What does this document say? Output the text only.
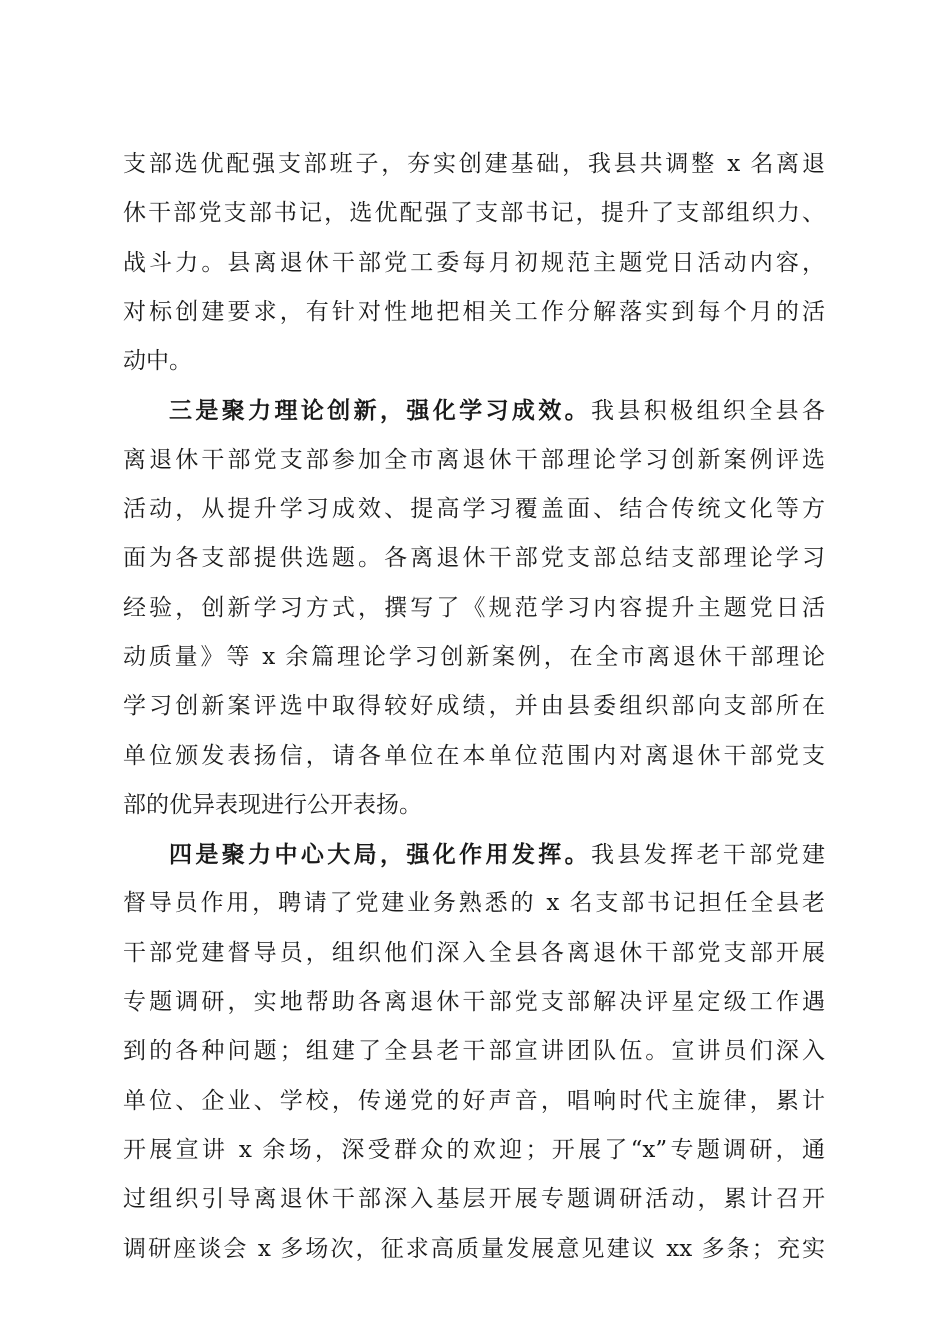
支部选优配强支部班子，夯实创建基础，我县共调整 x 名离退
休干部党支部书记，选优配强了支部书记，提升了支部组织力、
战斗力。县离退休干部党工委每月初规范主题党日活动内容，
对标创建要求，有针对性地把相关工作分解落实到每个月的活
动中。
三是聚力理论创新，强化学习成效。我县积极组织全县各
离退休干部党支部参加全市离退休干部理论学习创新案例评选
活动，从提升学习成效、提高学习覆盖面、结合传统文化等方
面为各支部提供选题。各离退休干部党支部总结支部理论学习
经验，创新学习方式，撰写了《规范学习内容提升主题党日活
动质量》等 x 余篇理论学习创新案例，在全市离退休干部理论
学习创新案评选中取得较好成绩，并由县委组织部向支部所在
单位颁发表扬信，请各单位在本单位范围内对离退休干部党支
部的优异表现进行公开表扬。
四是聚力中心大局，强化作用发挥。我县发挥老干部党建
督导员作用，聘请了党建业务熟悉的 x 名支部书记担任全县老
干部党建督导员，组织他们深入全县各离退休干部党支部开展
专题调研，实地帮助各离退休干部党支部解决评星定级工作遇
到的各种问题；组建了全县老干部宣讲团队伍。宣讲员们深入
单位、企业、学校，传递党的好声音，唱响时代主旋律，累计
开展宣讲 x 余场，深受群众的欢迎；开展了“x”专题调研，通
过组织引导离退休干部深入基层开展专题调研活动，累计召开
调研座谈会 x 多场次，征求高质量发展意见建议 xx 多条；充实
